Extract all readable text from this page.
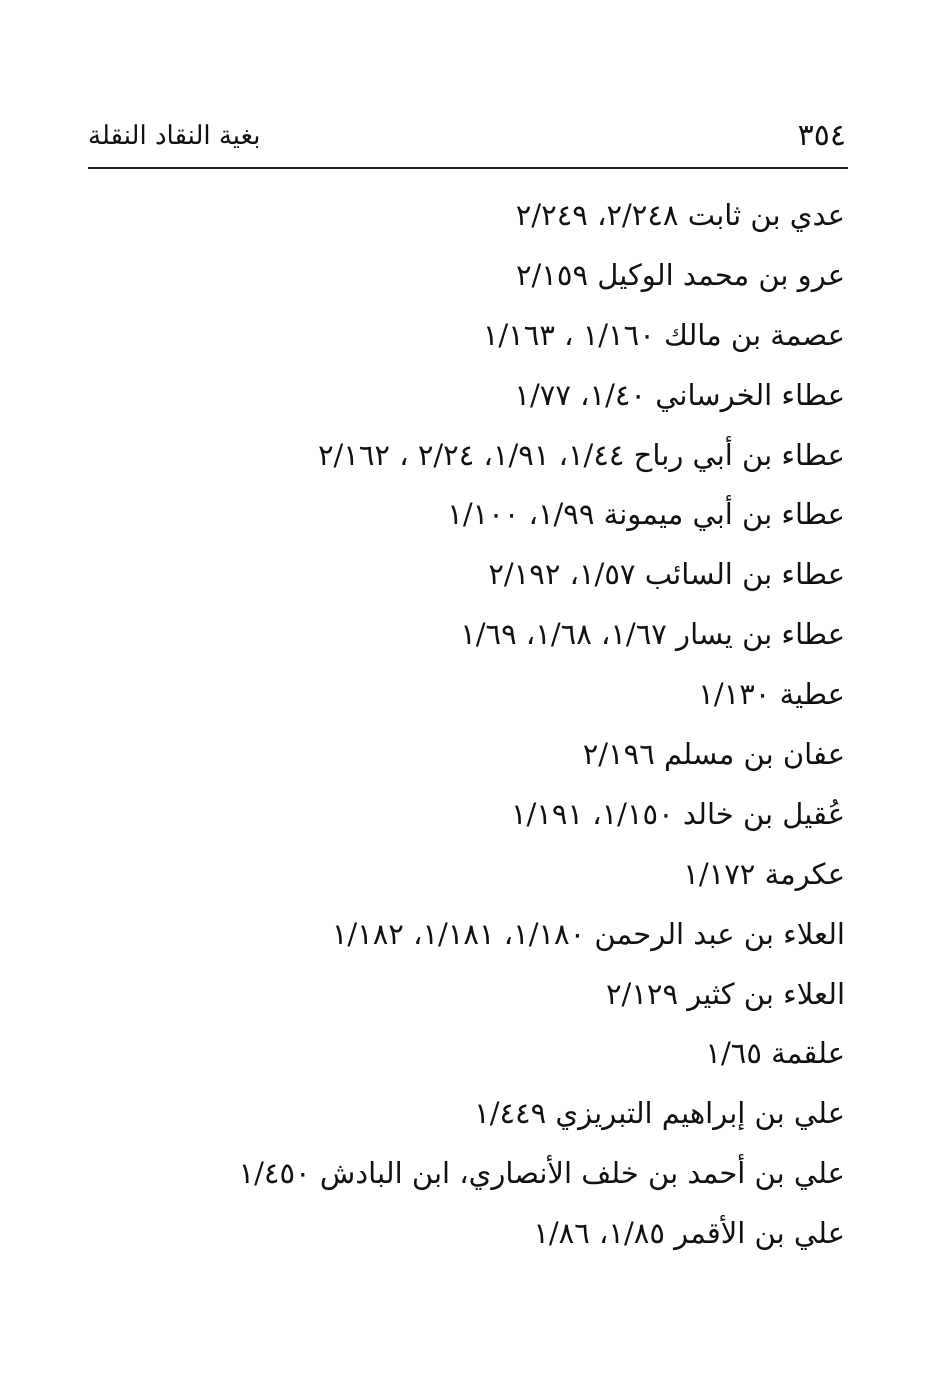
٣٥٤
بغية النقاد النقلة
عدي بن ثابت ٢/٢٤٨، ٢/٢٤٩
عرو بن محمد الوكيل ٢/١٥٩
عصمة بن مالك ١/١٦٠ ، ١/١٦٣
عطاء الخرساني ١/٤٠، ١/٧٧
عطاء بن أبي رباح ١/٤٤، ١/٩١، ٢/٢٤ ، ٢/١٦٢
عطاء بن أبي ميمونة ١/٩٩، ١/١٠٠
عطاء بن السائب ١/٥٧، ٢/١٩٢
عطاء بن يسار ١/٦٧، ١/٦٨، ١/٦٩
عطية ١/١٣٠
عفان بن مسلم ٢/١٩٦
عُقيل بن خالد ١/١٥٠، ١/١٩١
عكرمة ١/١٧٢
العلاء بن عبد الرحمن ١/١٨٠، ١/١٨١، ١/١٨٢
العلاء بن كثير ٢/١٢٩
علقمة ١/٦٥
علي بن إبراهيم التبريزي ١/٤٤٩
علي بن أحمد بن خلف الأنصاري، ابن البادش ١/٤٥٠
علي بن الأقمر ١/٨٥، ١/٨٦
